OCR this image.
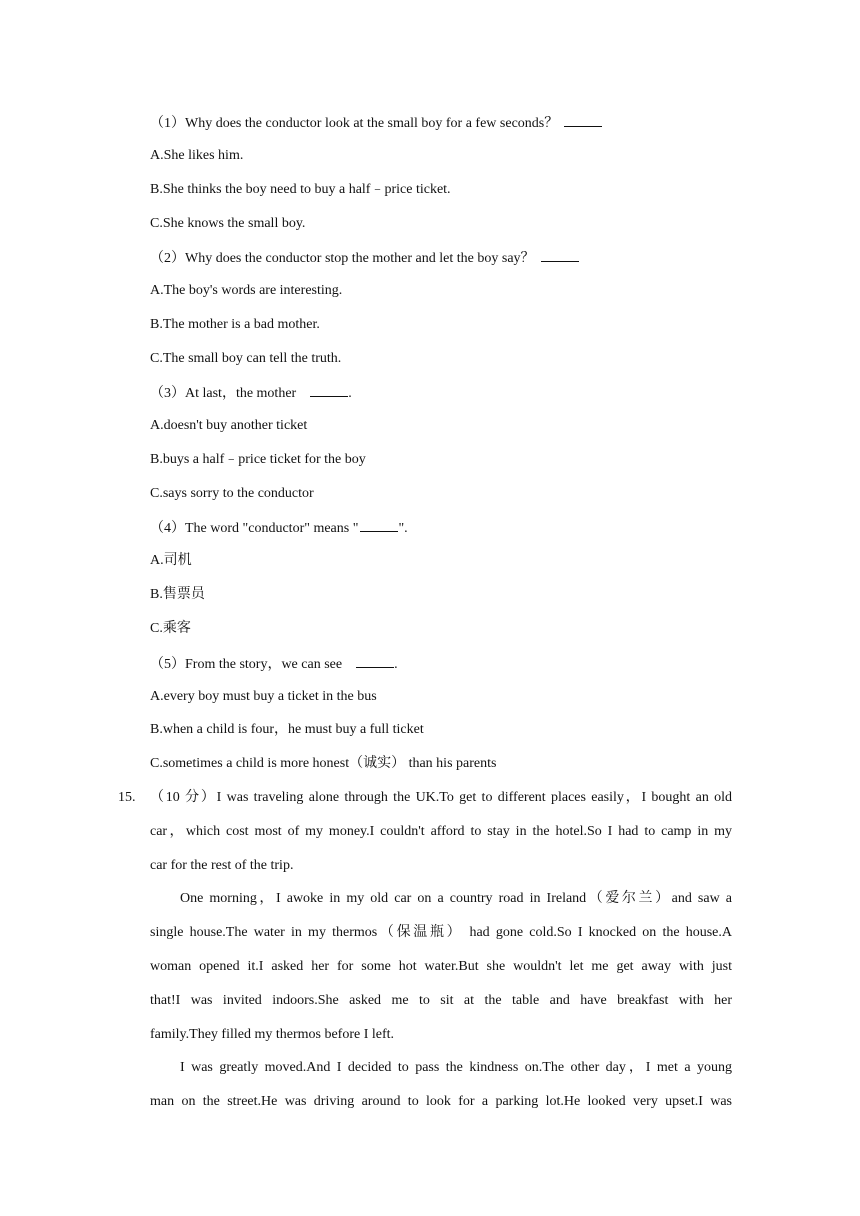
（1）Why does the conductor look at the small boy for a few seconds？
A.She likes him.
B.She thinks the boy need to buy a half﹣price ticket.
C.She knows the small boy.
（2）Why does the conductor stop the mother and let the boy say？
A.The boy's words are interesting.
B.The mother is a bad mother.
C.The small boy can tell the truth.
（3）At last，the mother	.
A.doesn't buy another ticket
B.buys a half﹣price ticket for the boy
C.says sorry to the conductor
（4）The word "conductor" means "	".
A.司机
B.售票员
C.乘客
（5）From the story，we can see	.
A.every boy must buy a ticket in the bus
B.when a child is four，he must buy a full ticket
C.sometimes a child is more honest（诚实） than his parents
15. （10 分）I was traveling alone through the UK.To get to different places easily，I bought an old
car，which cost most of my money.I couldn't afford to stay in the hotel.So I had to camp in my
car for the rest of the trip.
One morning，I awoke in my old car on a country road in Ireland（爱尔兰）and saw a
single house.The water in my thermos（保温瓶） had gone cold.So I knocked on the house.A
woman opened it.I asked her for some hot water.But she wouldn't let me get away with just
that!I was invited indoors.She asked me to sit at the table and have breakfast with her
family.They filled my thermos before I left.
I was greatly moved.And I decided to pass the kindness on.The other day，I met a young
man on the street.He was driving around to look for a parking lot.He looked very upset.I was
